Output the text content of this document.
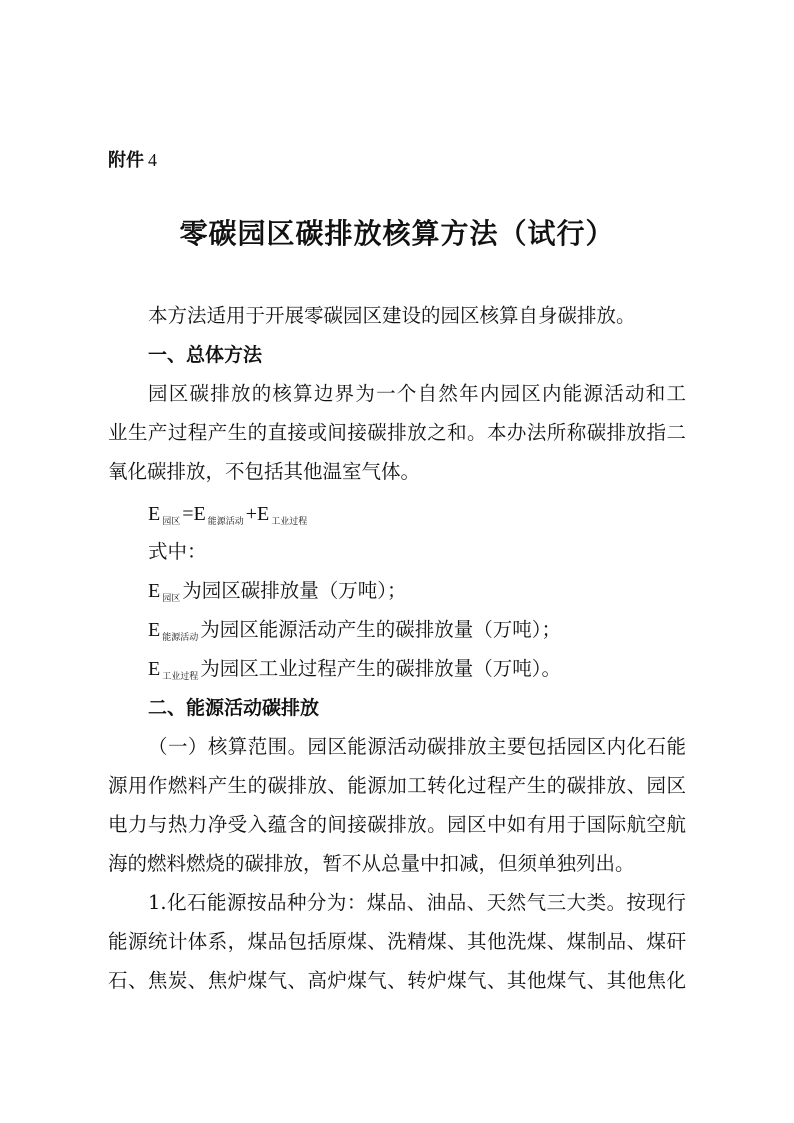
附件 4
零碳园区碳排放核算方法（试行）
本方法适用于开展零碳园区建设的园区核算自身碳排放。
一、总体方法
园区碳排放的核算边界为一个自然年内园区内能源活动和工
业生产过程产生的直接或间接碳排放之和。本办法所称碳排放指二
氧化碳排放，不包括其他温室气体。
E $_{园区}$ =E $_{能源活动}$ +E $_{工业过程}$
式中：
E $_{园区}$ 为园区碳排放量（万吨）；
E $_{能源活动}$ 为园区能源活动产生的碳排放量（万吨）；
E $_{工业过程}$ 为园区工业过程产生的碳排放量（万吨）。
二、能源活动碳排放
（一）核算范围。园区能源活动碳排放主要包括园区内化石能
源用作燃料产生的碳排放、能源加工转化过程产生的碳排放、园区
电力与热力净受入蕴含的间接碳排放。园区中如有用于国际航空航
海的燃料燃烧的碳排放，暂不从总量中扣减，但须单独列出。
1.化石能源按品种分为：煤品、油品、天然气三大类。按现行
能源统计体系，煤品包括原煤、洗精煤、其他洗煤、煤制品、煤矸
石、焦炭、焦炉煤气、高炉煤气、转炉煤气、其他煤气、其他焦化
